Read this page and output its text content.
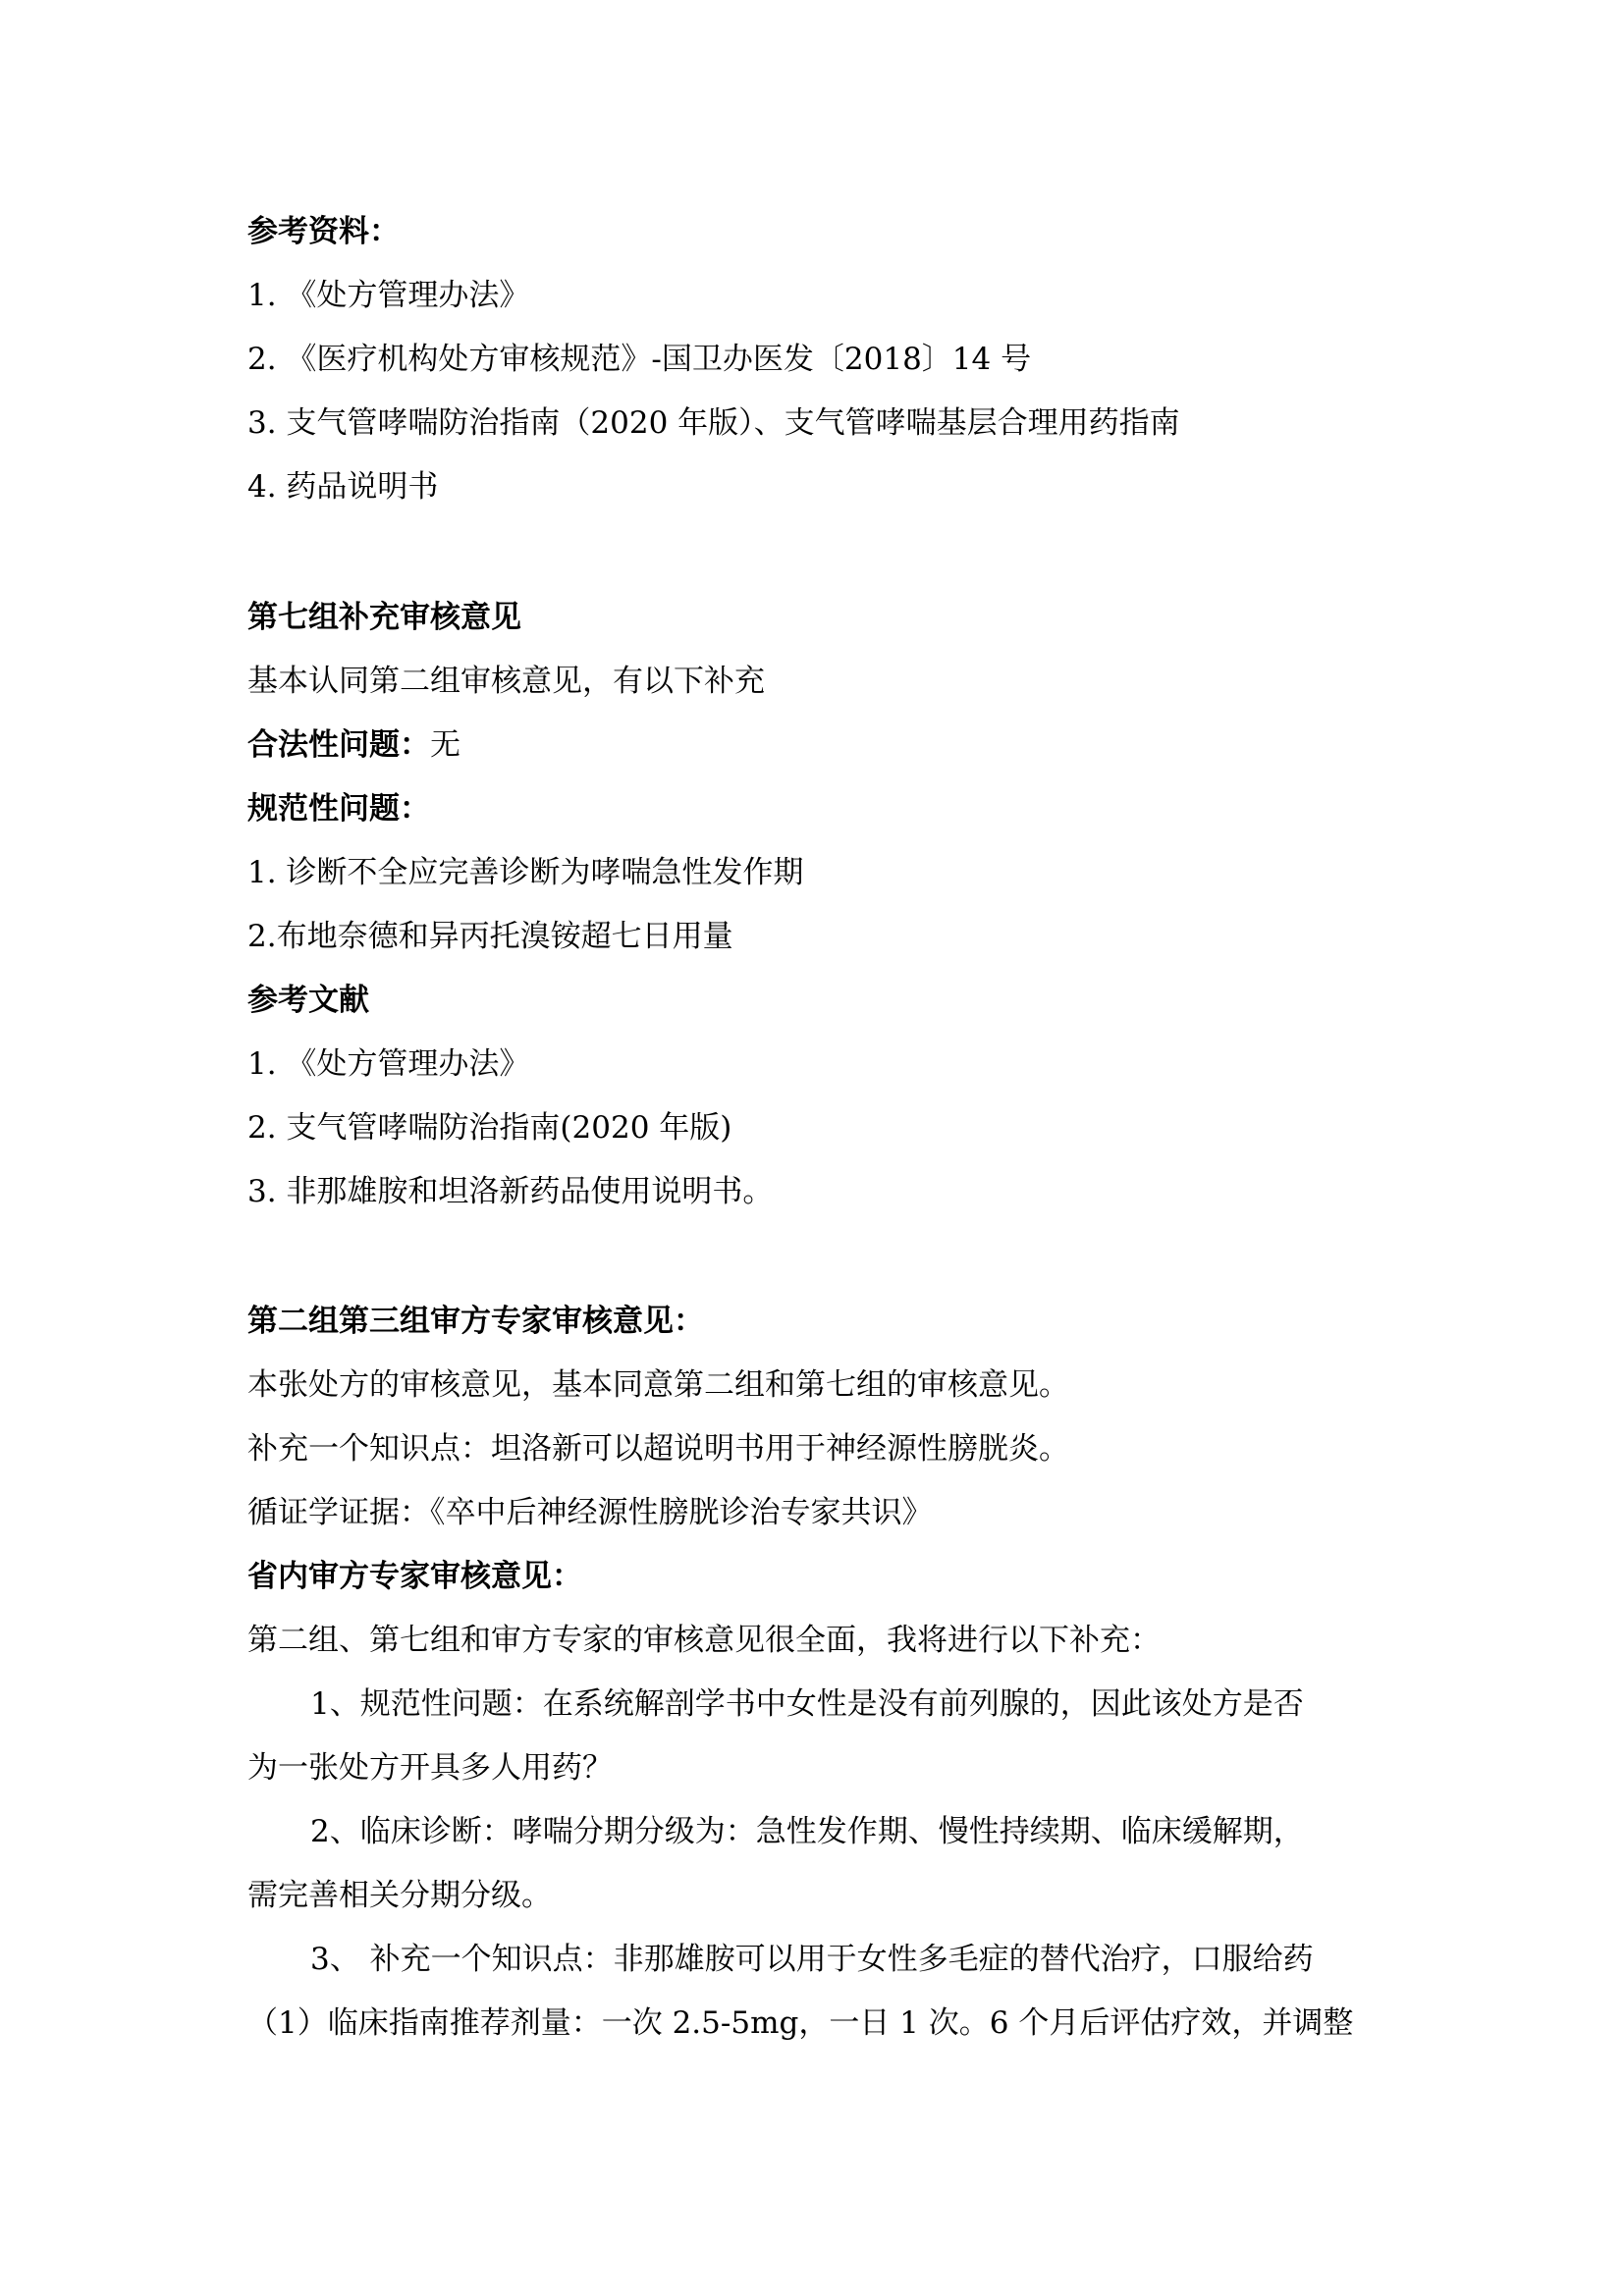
参考资料：
1. 《处方管理办法》
2. 《医疗机构处方审核规范》-国卫办医发〔2018〕14 号
3. 支气管哮喘防治指南（2020 年版）、支气管哮喘基层合理用药指南
4. 药品说明书
第七组补充审核意见
基本认同第二组审核意见，有以下补充
合法性问题：无
规范性问题：
1. 诊断不全应完善诊断为哮喘急性发作期
2.布地奈德和异丙托溴铵超七日用量
参考文献
1. 《处方管理办法》
2. 支气管哮喘防治指南(2020 年版)
3. 非那雄胺和坦洛新药品使用说明书。
第二组第三组审方专家审核意见：
本张处方的审核意见，基本同意第二组和第七组的审核意见。
补充一个知识点：坦洛新可以超说明书用于神经源性膀胱炎。
循证学证据：《卒中后神经源性膀胱诊治专家共识》
省内审方专家审核意见：
第二组、第七组和审方专家的审核意见很全面，我将进行以下补充：
1、规范性问题：在系统解剖学书中女性是没有前列腺的，因此该处方是否
为一张处方开具多人用药？
2、临床诊断：哮喘分期分级为：急性发作期、慢性持续期、临床缓解期，
需完善相关分期分级。
3、 补充一个知识点：非那雄胺可以用于女性多毛症的替代治疗，口服给药
（1）临床指南推荐剂量：一次 2.5-5mg，一日 1 次。6 个月后评估疗效，并调整
